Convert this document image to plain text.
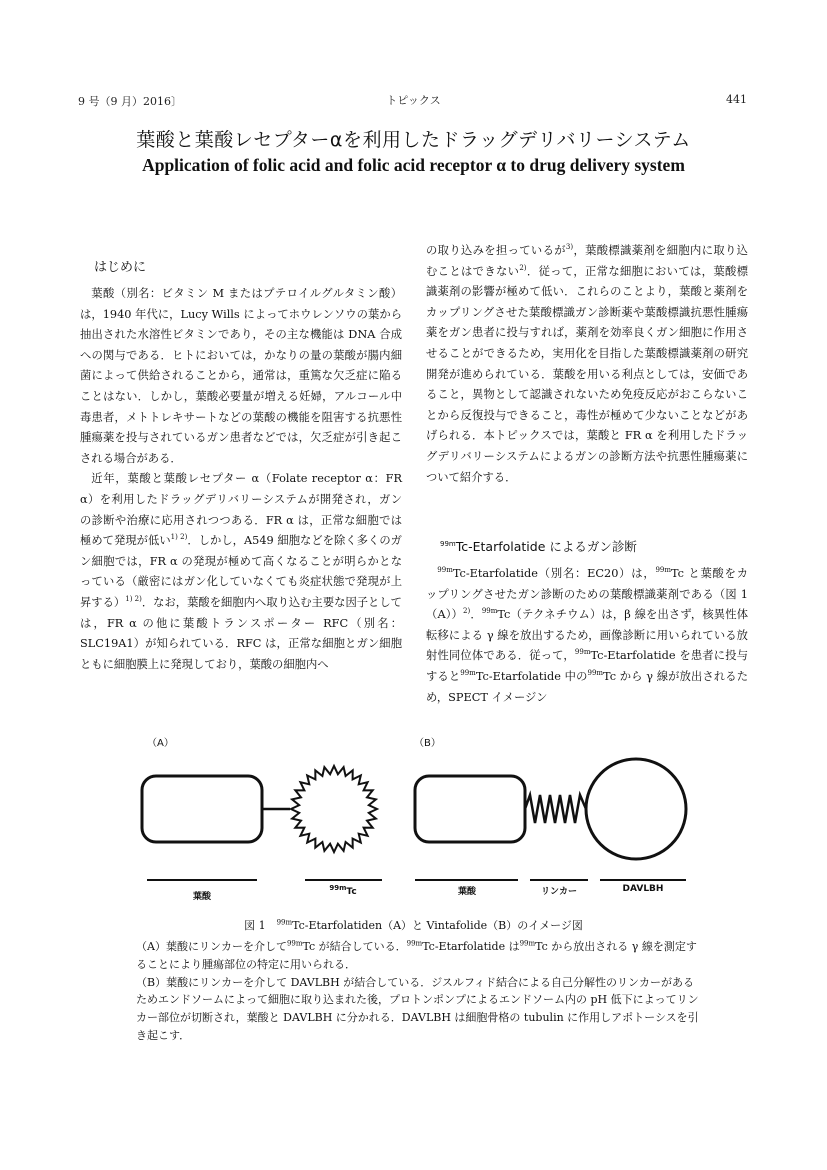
9 号（9 月）2016〕	トピックス	441
葉酸と葉酸レセプターαを利用したドラッグデリバリーシステム
Application of folic acid and folic acid receptor α to drug delivery system
はじめに

葉酸（別名：ビタミン M またはプテロイルグルタミン酸）は，1940 年代に，Lucy Wills によってホウレンソウの葉から抽出された水溶性ビタミンであり，その主な機能は DNA 合成への関与である．ヒトにおいては，かなりの量の葉酸が腸内細菌によって供給されることから，通常は，重篤な欠乏症に陥ることはない．しかし，葉酸必要量が増える妊婦，アルコール中毒患者，メトトレキサートなどの葉酸の機能を阻害する抗悪性腫瘍薬を投与されているガン患者などでは，欠乏症が引き起こされる場合がある．

近年，葉酸と葉酸レセプター α（Folate receptor α：FR α）を利用したドラッグデリバリーシステムが開発され，ガンの診断や治療に応用されつつある．FR α は，正常な細胞では極めて発現が低い$^{1) 2)}$．しかし，A549 細胞などを除く多くのガン細胞では，FR α の発現が極めて高くなることが明らかとなっている（厳密にはガン化していなくても炎症状態で発現が上昇する）$^{1) 2)}$．なお，葉酸を細胞内へ取り込む主要な因子としては，FR α の他に葉酸トランスポーター RFC（別名：SLC19A1）が知られている．RFC は，正常な細胞とガン細胞ともに細胞膜上に発現しており，葉酸の細胞内へ

の取り込みを担っているが$^{3)}$，葉酸標識薬剤を細胞内に取り込むことはできない$^{2)}$．従って，正常な細胞においては，葉酸標識薬剤の影響が極めて低い．これらのことより，葉酸と薬剤をカップリングさせた葉酸標識ガン診断薬や葉酸標識抗悪性腫瘍薬をガン患者に投与すれば，薬剤を効率良くガン細胞に作用させることができるため，実用化を目指した葉酸標識薬剤の研究開発が進められている．葉酸を用いる利点としては，安価であること，異物として認識されないため免疫反応がおこらないことから反復投与できること，毒性が極めて少ないことなどがあげられる．本トピックスでは，葉酸と FR α を利用したドラッグデリバリーシステムによるガンの診断方法や抗悪性腫瘍薬について紹介する．

$^{99m}$Tc-Etarfolatide によるガン診断

$^{99m}$Tc-Etarfolatide（別名：EC20）は，$^{99m}$Tc と葉酸をカップリングさせたガン診断のための葉酸標識薬剤である（図 1（A））$^{2)}$．$^{99m}$Tc（テクネチウム）は，β 線を出さず，核異性体転移による γ 線を放出するため，画像診断に用いられている放射性同位体である．従って，$^{99m}$Tc-Etarfolatide を患者に投与すると$^{99m}$Tc-Etarfolatide 中の$^{99m}$Tc から γ 線が放出されるため，SPECT イメージン

（A）	（B）
葉酸
$^{99m}$Tc	葉酸	リンカー	DAVLBH
図 1　$^{99m}$Tc-Etarfolatiden（A）と Vintafolide（B）のイメージ図

（A）葉酸にリンカーを介して$^{99m}$Tc が結合している．$^{99m}$Tc-Etarfolatide は$^{99m}$Tc から放出される γ 線を測定することにより腫瘍部位の特定に用いられる．

（B）葉酸にリンカーを介して DAVLBH が結合している．ジスルフィド結合による自己分解性のリンカーがあるためエンドソームによって細胞に取り込まれた後，プロトンポンプによるエンドソーム内の pH 低下によってリンカー部位が切断され，葉酸と DAVLBH に分かれる．DAVLBH は細胞骨格の tubulin に作用しアポトーシスを引き起こす．
